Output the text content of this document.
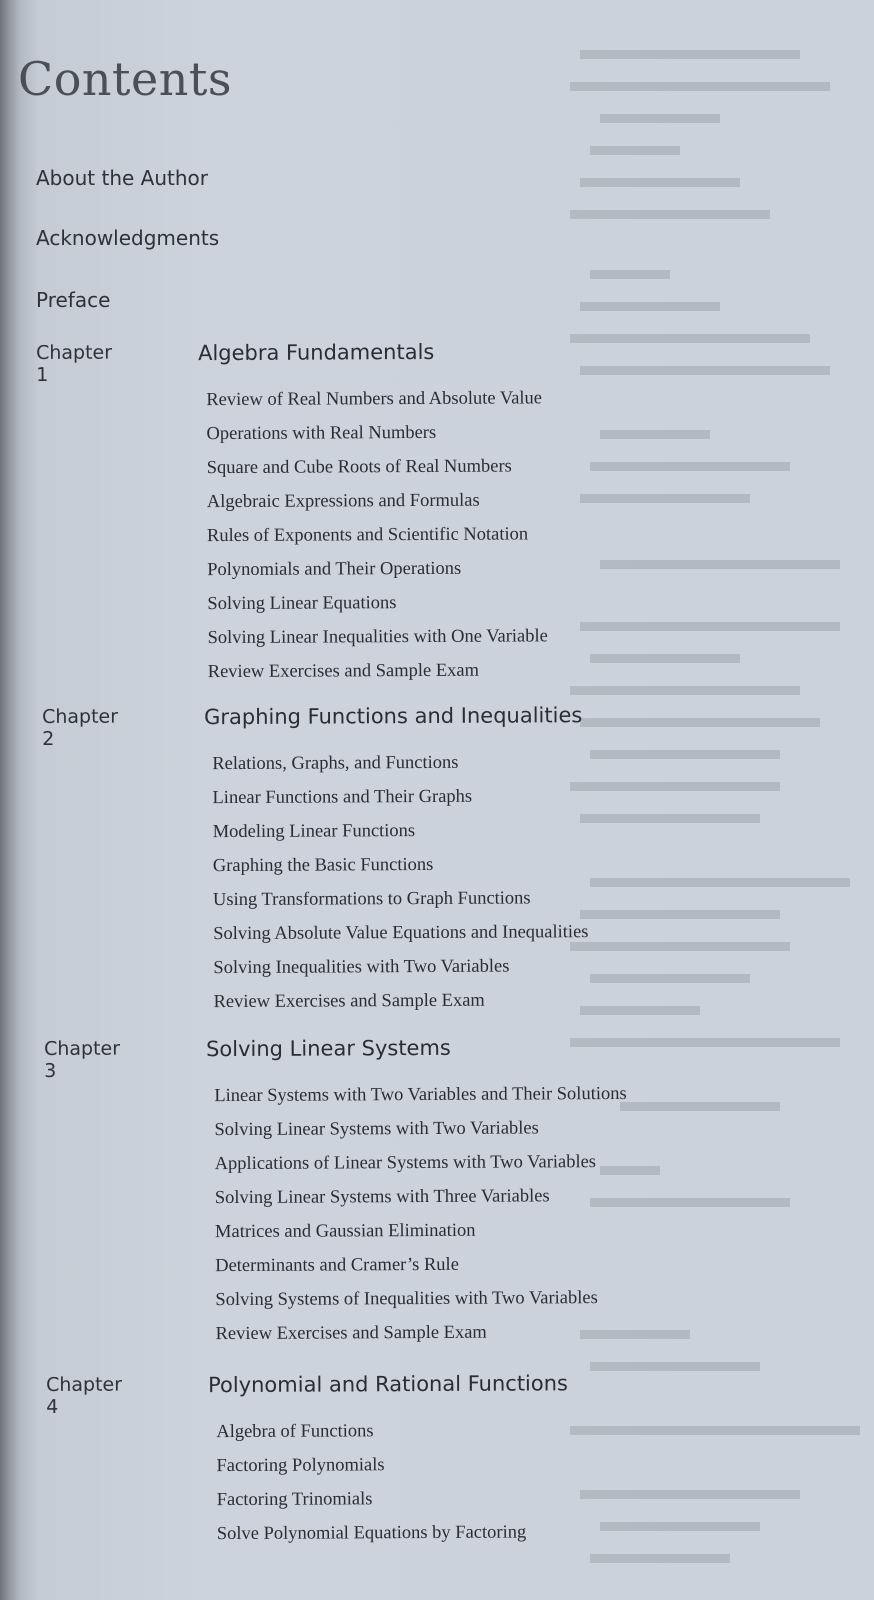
Contents
About the Author
Acknowledgments
Preface
Chapter 1
Algebra Fundamentals
Review of Real Numbers and Absolute Value
Operations with Real Numbers
Square and Cube Roots of Real Numbers
Algebraic Expressions and Formulas
Rules of Exponents and Scientific Notation
Polynomials and Their Operations
Solving Linear Equations
Solving Linear Inequalities with One Variable
Review Exercises and Sample Exam
Chapter 2
Graphing Functions and Inequalities
Relations, Graphs, and Functions
Linear Functions and Their Graphs
Modeling Linear Functions
Graphing the Basic Functions
Using Transformations to Graph Functions
Solving Absolute Value Equations and Inequalities
Solving Inequalities with Two Variables
Review Exercises and Sample Exam
Chapter 3
Solving Linear Systems
Linear Systems with Two Variables and Their Solutions
Solving Linear Systems with Two Variables
Applications of Linear Systems with Two Variables
Solving Linear Systems with Three Variables
Matrices and Gaussian Elimination
Determinants and Cramer’s Rule
Solving Systems of Inequalities with Two Variables
Review Exercises and Sample Exam
Chapter 4
Polynomial and Rational Functions
Algebra of Functions
Factoring Polynomials
Factoring Trinomials
Solve Polynomial Equations by Factoring
